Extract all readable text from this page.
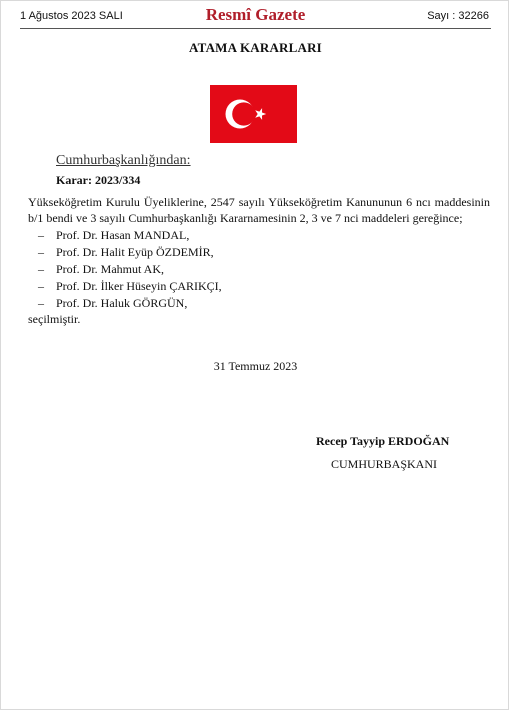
1 Ağustos 2023 SALI	Resmî Gazete	Sayı : 32266
ATAMA KARARLARI
Cumhurbaşkanlığından:
Karar: 2023/334
Yükseköğretim Kurulu Üyeliklerine, 2547 sayılı Yükseköğretim Kanununun 6 ncı maddesinin b/1 bendi ve 3 sayılı Cumhurbaşkanlığı Kararnamesinin 2, 3 ve 7 nci maddeleri gereğince;
– Prof. Dr. Hasan MANDAL,
– Prof. Dr. Halit Eyüp ÖZDEMİR,
– Prof. Dr. Mahmut AK,
– Prof. Dr. İlker Hüseyin ÇARIKÇI,
– Prof. Dr. Haluk GÖRGÜN,
seçilmiştir.
31 Temmuz 2023
Recep Tayyip ERDOĞAN
CUMHURBAŞKANI
